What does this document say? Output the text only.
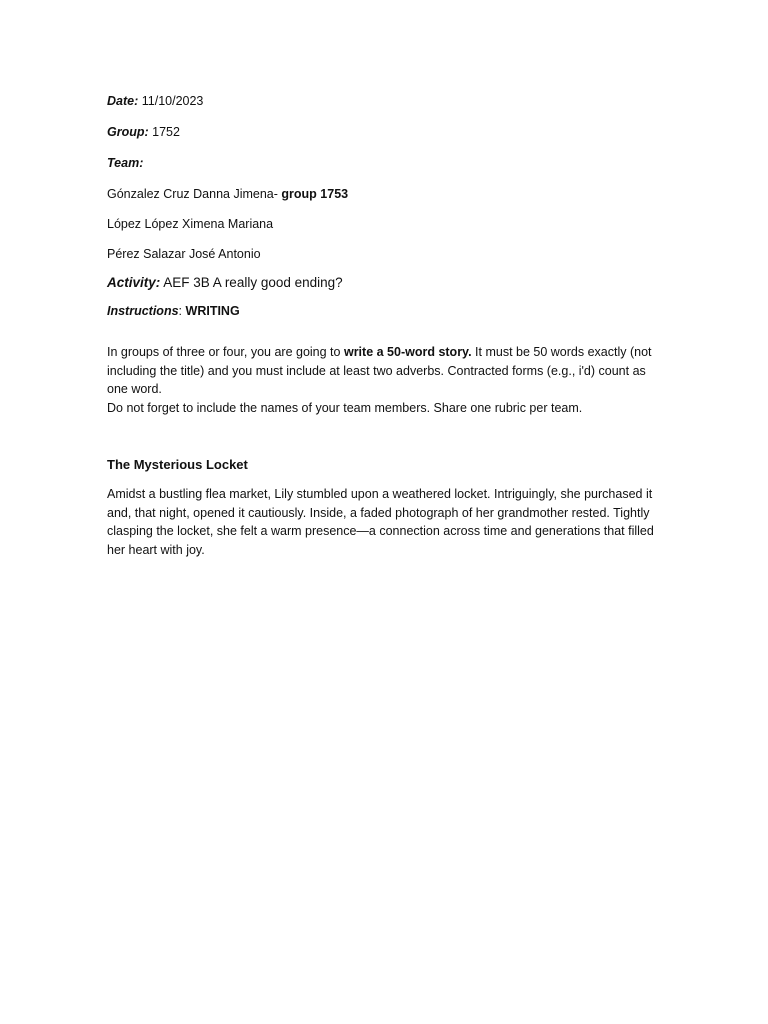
Date: 11/10/2023
Group: 1752
Team:
Gónzalez Cruz Danna Jimena- group 1753
López López Ximena Mariana
Pérez Salazar José Antonio
Activity: AEF 3B A really good ending?
Instructions: WRITING

In groups of three or four, you are going to write a 50-word story. It must be 50 words exactly (not including the title) and you must include at least two adverbs. Contracted forms (e.g., i'd) count as one word.
Do not forget to include the names of your team members. Share one rubric per team.

The Mysterious Locket

Amidst a bustling flea market, Lily stumbled upon a weathered locket. Intriguingly, she purchased it and, that night, opened it cautiously. Inside, a faded photograph of her grandmother rested. Tightly clasping the locket, she felt a warm presence—a connection across time and generations that filled her heart with joy.
